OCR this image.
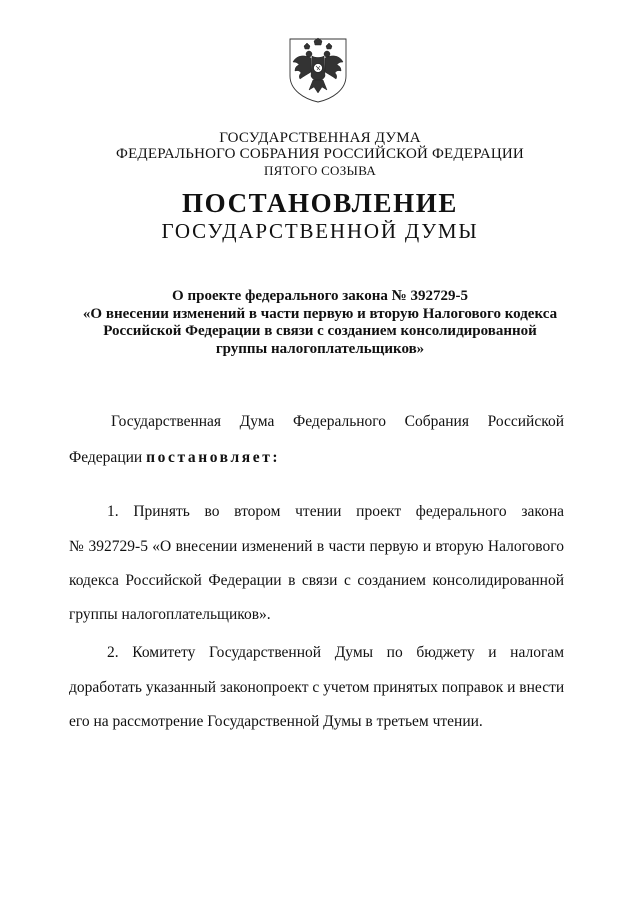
ГОСУДАРСТВЕННАЯ ДУМА

ФЕДЕРАЛЬНОГО СОБРАНИЯ РОССИЙСКОЙ ФЕДЕРАЦИИ

ПЯТОГО СОЗЫВА

ПОСТАНОВЛЕНИЕ

ГОСУДАРСТВЕННОЙ ДУМЫ

О проекте федерального закона № 392729-5
«О внесении изменений в части первую и вторую Налогового кодекса
Российской Федерации в связи с созданием консолидированной
группы налогоплательщиков»
Государственная Дума Федерального Собрания Российской
Федерации постановляет:
1. Принять во втором чтении проект федерального закона
№ 392729-5 «О внесении изменений в части первую и вторую Налогового
кодекса Российской Федерации в связи с созданием консолидированной
группы налогоплательщиков».
2. Комитету Государственной Думы по бюджету и налогам
доработать указанный законопроект с учетом принятых поправок и внести
его на рассмотрение Государственной Думы в третьем чтении.
